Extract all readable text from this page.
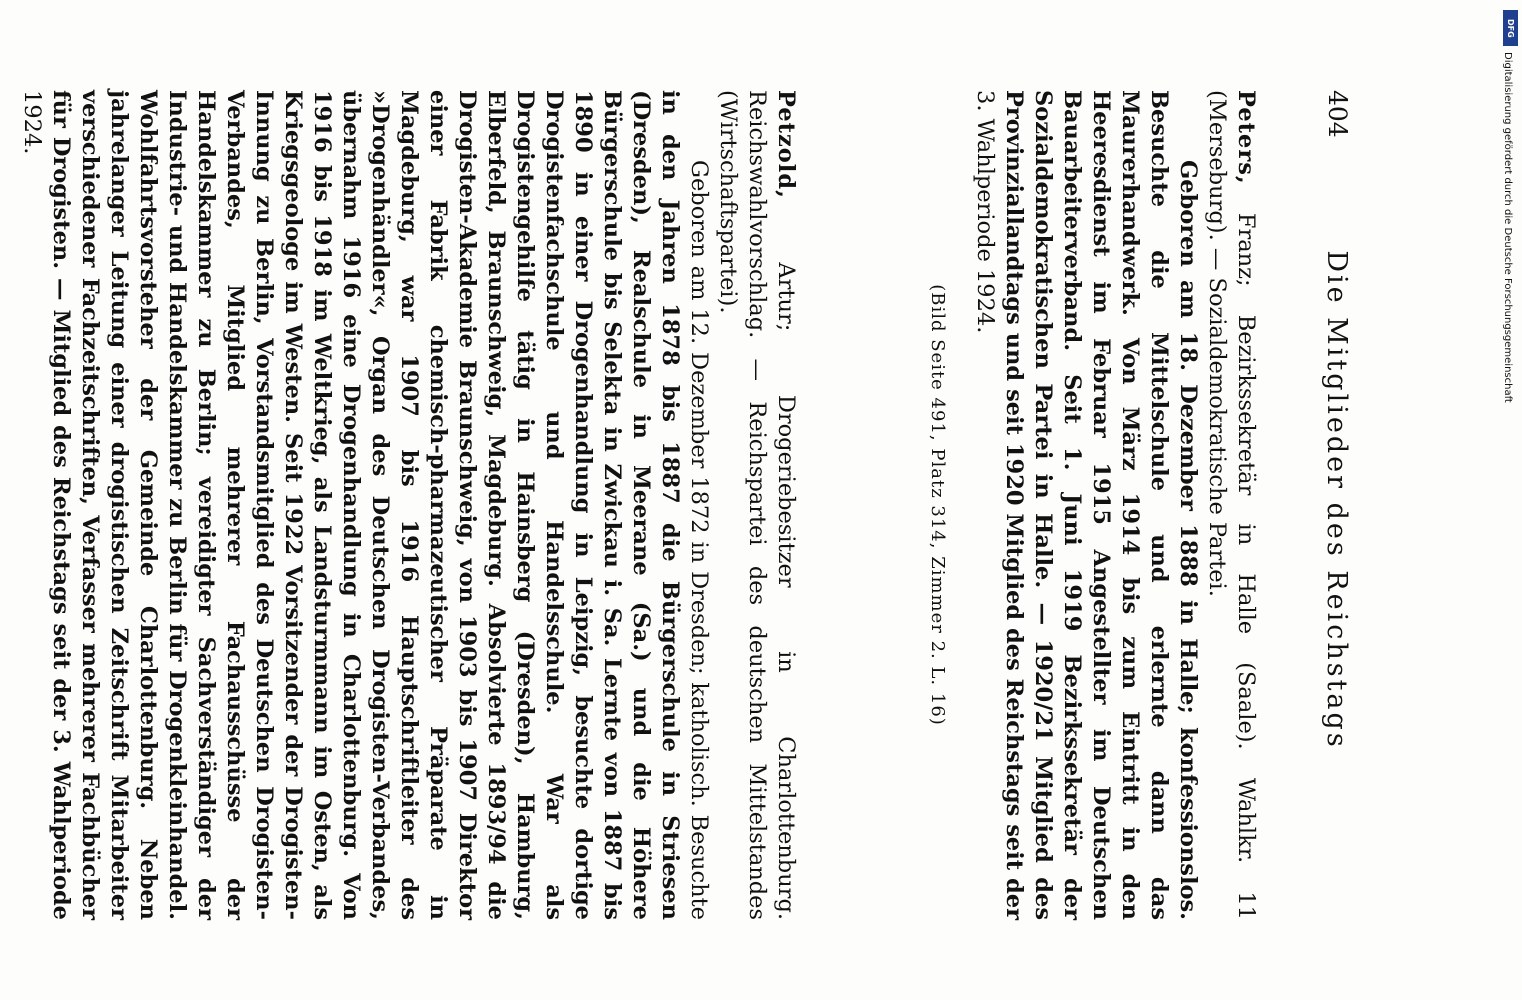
404
Die Mitglieder des Reichstags

Peters, Franz; Bezirkssekretär in Halle (Saale). Wahlkr. 11 (Merseburg). — Sozialdemokratische Partei.

Geboren am 18. Dezember 1888 in Halle; konfessionslos. Besuchte die Mittelschule und erlernte dann das Maurerhandwerk. Von März 1914 bis zum Eintritt in den Heeresdienst im Februar 1915 Angestellter im Deutschen Bauarbeiterverband. Seit 1. Juni 1919 Bezirkssekretär der Sozialdemokratischen Partei in Halle. — 1920/21 Mitglied des Provinziallandtags und seit 1920 Mitglied des Reichstags seit der 3. Wahlperiode 1924.

(Bild Seite 491, Platz 314, Zimmer 2. L. 16)

Petzold, Artur; Drogeriebesitzer in Charlottenburg. Reichswahlvorschlag. — Reichspartei des deutschen Mittelstandes (Wirtschaftspartei).

Geboren am 12. Dezember 1872 in Dresden; katholisch. Besuchte in den Jahren 1878 bis 1887 die Bürgerschule in Striesen (Dresden), Realschule in Meerane (Sa.) und die Höhere Bürgerschule bis Selekta in Zwickau i. Sa. Lernte von 1887 bis 1890 in einer Drogenhandlung in Leipzig, besuchte dortige Drogistenfachschule und Handelsschule. War als Drogistengehilfe tätig in Hainsberg (Dresden), Hamburg, Elberfeld, Braunschweig, Magdeburg. Absolvierte 1893/94 die Drogisten-Akademie Braunschweig, von 1903 bis 1907 Direktor einer Fabrik chemisch-pharmazeutischer Präparate in Magdeburg, war 1907 bis 1916 Hauptschriftleiter des »Drogenhändler«, Organ des Deutschen Drogisten-Verbandes, übernahm 1916 eine Drogenhandlung in Charlottenburg. Von 1916 bis 1918 im Weltkrieg, als Landsturmmann im Osten, als Kriegsgeologe im Westen. Seit 1922 Vorsitzender der Drogisten-Innung zu Berlin, Vorstandsmitglied des Deutschen Drogisten-Verbandes, Mitglied mehrerer Fachausschüsse der Handelskammer zu Berlin; vereidigter Sachverständiger der Industrie- und Handelskammer zu Berlin für Drogenkleinhandel. Wohlfahrtsvorsteher der Gemeinde Charlottenburg. Neben jahrelanger Leitung einer drogistischen Zeitschrift Mitarbeiter verschiedener Fachzeitschriften, Verfasser mehrerer Fachbücher für Drogisten. — Mitglied des Reichstags seit der 3. Wahlperiode 1924.

DFG
Digitalisierung gefördert durch die Deutsche Forschungsgemeinschaft
